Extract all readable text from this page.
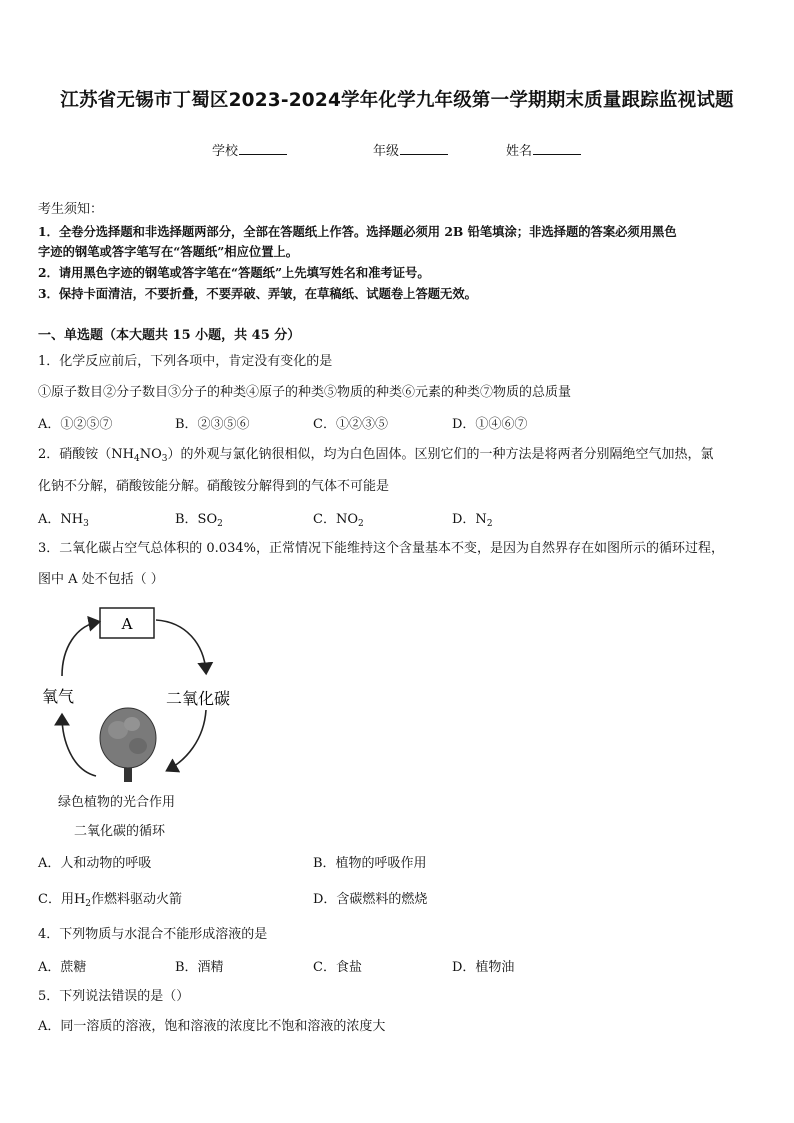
江苏省无锡市丁蜀区2023-2024学年化学九年级第一学期期末质量跟踪监视试题
学校	年级	姓名
考生须知：
1．全卷分选择题和非选择题两部分，全部在答题纸上作答。选择题必须用 2B 铅笔填涂；非选择题的答案必须用黑色
字迹的钢笔或答字笔写在“答题纸”相应位置上。
2．请用黑色字迹的钢笔或答字笔在“答题纸”上先填写姓名和准考证号。
3．保持卡面清洁，不要折叠，不要弄破、弄皱，在草稿纸、试题卷上答题无效。
一、单选题（本大题共 15 小题，共 45 分）
1．化学反应前后，下列各项中，肯定没有变化的是
①原子数目②分子数目③分子的种类④原子的种类⑤物质的种类⑥元素的种类⑦物质的总质量
A．①②⑤⑦	B．②③⑤⑥	C．①②③⑤	D．①④⑥⑦
2．硝酸铵$(NH_4NO_3)$的外观与氯化钠很相似，均为白色固体。区别它们的一种方法是将两者分别隔绝空气加热，氯
化钠不分解，硝酸铵能分解。硝酸铵分解得到的气体不可能是
A．$NH_3$	B．$SO_2$	C．$NO_2$	D．$N_2$
3．二氧化碳占空气总体积的 0.034%，正常情况下能维持这个含量基本不变，是因为自然界存在如图所示的循环过程，
图中 A 处不包括（ ）
A
氧气	二氧化碳
绿色植物的光合作用
二氧化碳的循环
A．人和动物的呼吸	B．植物的呼吸作用
C．用$H_2$作燃料驱动火箭	D．含碳燃料的燃烧
4．下列物质与水混合不能形成溶液的是
A．蔗糖	B．酒精	C．食盐	D．植物油
5．下列说法错误的是（）
A．同一溶质的溶液，饱和溶液的浓度比不饱和溶液的浓度大
